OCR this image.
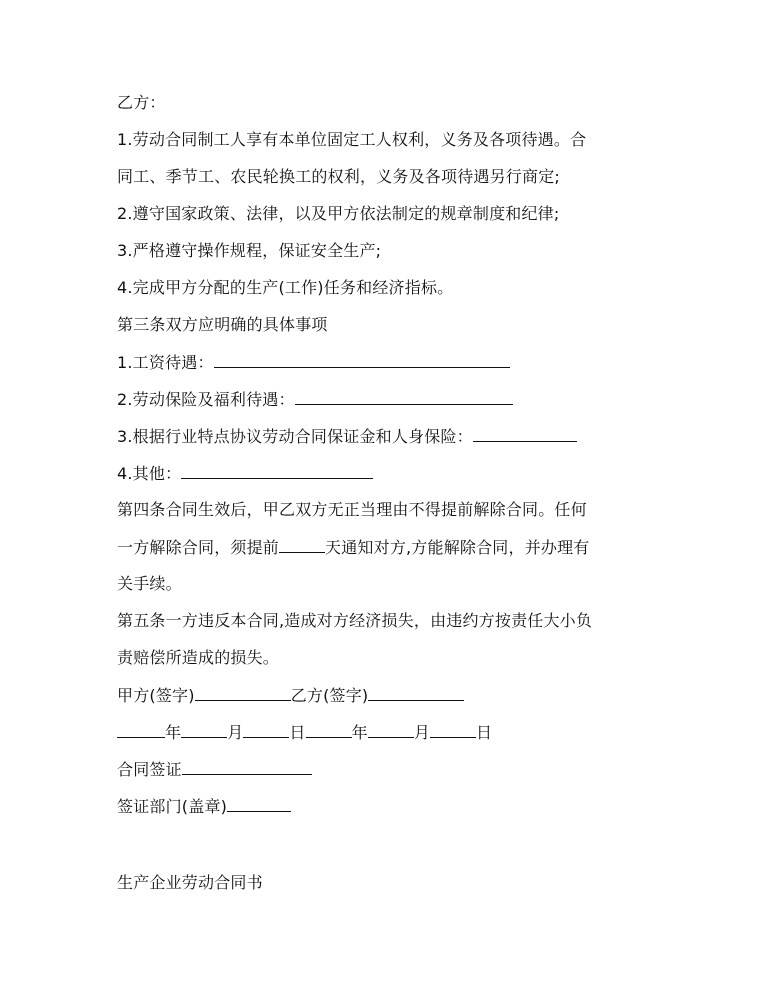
乙方：
1.劳动合同制工人享有本单位固定工人权利，义务及各项待遇。合
同工、季节工、农民轮换工的权利，义务及各项待遇另行商定;
2.遵守国家政策、法律，以及甲方依法制定的规章制度和纪律;
3.严格遵守操作规程，保证安全生产;
4.完成甲方分配的生产(工作)任务和经济指标。
第三条双方应明确的具体事项
1.工资待遇：
2.劳动保险及福利待遇：
3.根据行业特点协议劳动合同保证金和人身保险：
4.其他：
第四条合同生效后，甲乙双方无正当理由不得提前解除合同。任何
一方解除合同，须提前	天通知对方,方能解除合同，并办理有
关手续。
第五条一方违反本合同,造成对方经济损失，由违约方按责任大小负
责赔偿所造成的损失。
甲方(签字)	乙方(签字)
年	月	日	年	月	日
合同签证
签证部门(盖章)
生产企业劳动合同书
